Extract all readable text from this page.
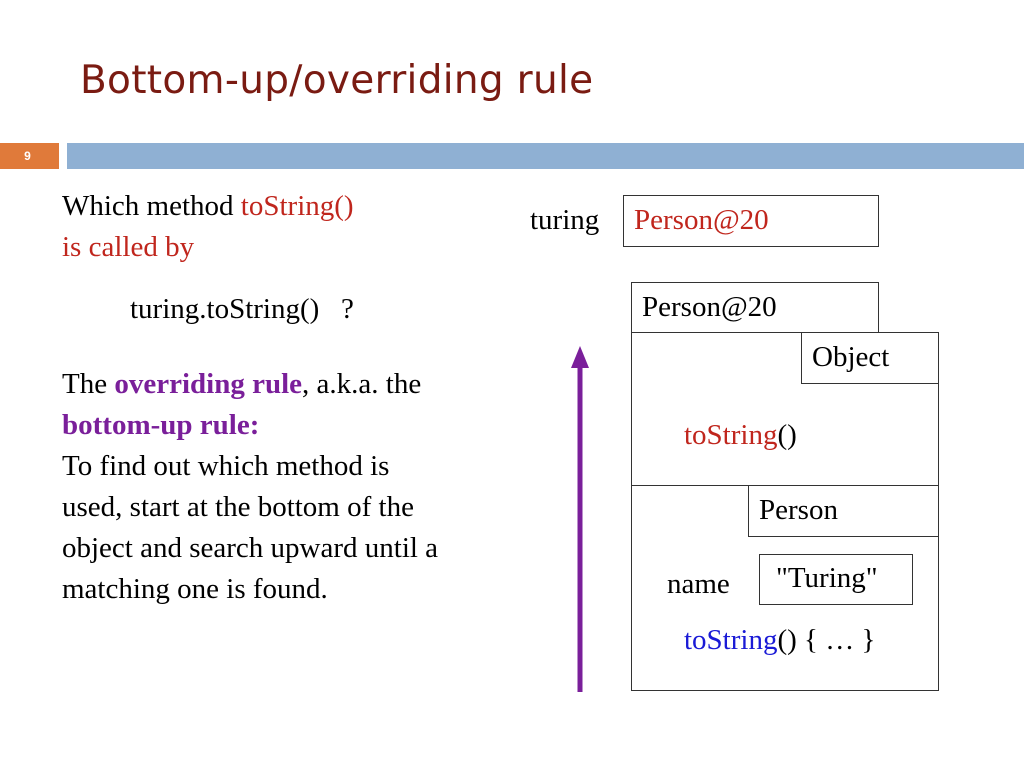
Bottom-up/overriding rule
9
Which method toString()
is called by
turing.toString()   ?
The overriding rule, a.k.a. the
bottom-up rule:
To find out which method is
used, start at the bottom of the
object and search upward until a
matching one is found.
turing Person@20
Person@20
toString()
Object
name
toString() { … }
Person
"Turing"
